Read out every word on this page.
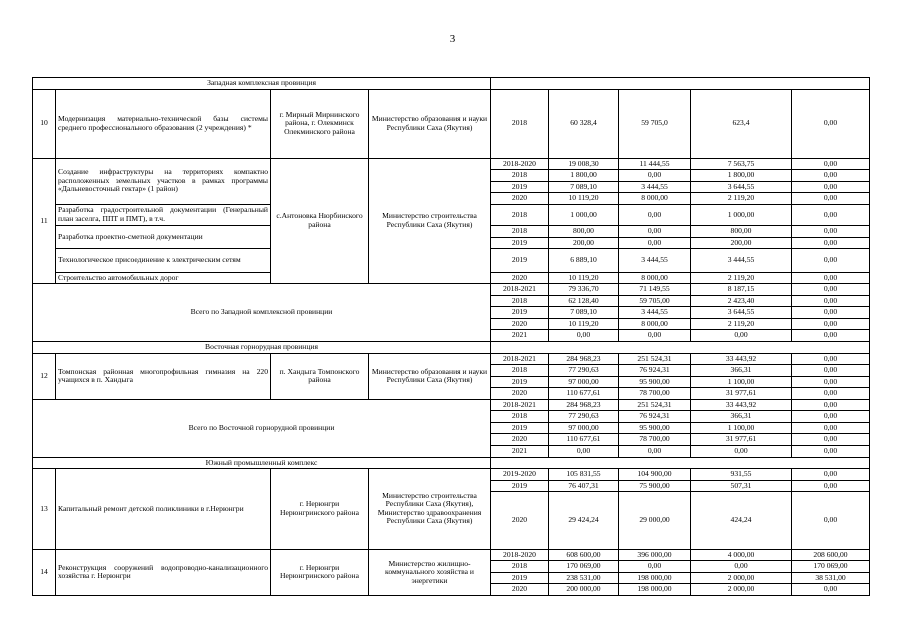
3
Западная комплексная провинция								
10	Модернизация материально-технической базы системы среднего профессионального образования (2 учреждения) *	г. Мирный Мирнинского района, г. Олекминск Олекминского района	Министерство образования и науки Республики Саха (Якутия)	2018	60 328,4	59 705,0	623,4	0,00
11	Создание инфраструктуры на территориях компактно расположенных земельных участков в рамках программы «Дальневосточный гектар» (1 район)	с.Антоновка Нюрбинского района	Министерство строительства Республики Саха (Якутия)	2018-2020	19 008,30	11 444,55	7 563,75	0,00
				2018	1 800,00	0,00	1 800,00	0,00
				2019	7 089,10	3 444,55	3 644,55	0,00
				2020	10 119,20	8 000,00	2 119,20	0,00
	Разработка градостроительной документации (Генеральный план заселга, ППТ и ПМТ), в т.ч.			2018	1 000,00	0,00	1 000,00	0,00
	Разработка проектно-сметной документации			2018	800,00	0,00	800,00	0,00
				2019	200,00	0,00	200,00	0,00
	Технологическое присоединение к электрическим сетям			2019	6 889,10	3 444,55	3 444,55	0,00
	Строительство автомобильных дорог			2020	10 119,20	8 000,00	2 119,20	0,00
Всего по Западной комплексной провинции				2018-2021	79 336,70	71 149,55	8 187,15	0,00
				2018	62 128,40	59 705,00	2 423,40	0,00
				2019	7 089,10	3 444,55	3 644,55	0,00
				2020	10 119,20	8 000,00	2 119,20	0,00
				2021	0,00	0,00	0,00	0,00
Восточная горнорудная провинция								
12	Томпонская районная многопрофильная гимназия на 220 учащихся в п. Хандыга	п. Хандыга Томпонского района	Министерство образования и науки Республики Саха (Якутия)	2018-2021	284 968,23	251 524,31	33 443,92	0,00
				2018	77 290,63	76 924,31	366,31	0,00
				2019	97 000,00	95 900,00	1 100,00	0,00
				2020	110 677,61	78 700,00	31 977,61	0,00
Всего по Восточной горнорудной провинции				2018-2021	284 968,23	251 524,31	33 443,92	0,00
				2018	77 290,63	76 924,31	366,31	0,00
				2019	97 000,00	95 900,00	1 100,00	0,00
				2020	110 677,61	78 700,00	31 977,61	0,00
				2021	0,00	0,00	0,00	0,00
Южный промышленный комплекс								
13	Капитальный ремонт детской поликлиники в г.Нерюнгри	г. Нерюнгри Нерюнгринского района	Министерство строительства Республики Саха (Якутия), Министерство здравоохранения Республики Саха (Якутия)	2019-2020	105 831,55	104 900,00	931,55	0,00
				2019	76 407,31	75 900,00	507,31	0,00
				2020	29 424,24	29 000,00	424,24	0,00
14	Реконструкция сооружений водопроводно-канализационного хозяйства г. Нерюнгри	г. Нерюнгри Нерюнгринского района	Министерство жилищно-коммунального хозяйства и энергетики	2018-2020	608 600,00	396 000,00	4 000,00	208 600,00
				2018	170 069,00	0,00	0,00	170 069,00
				2019	238 531,00	198 000,00	2 000,00	38 531,00
				2020	200 000,00	198 000,00	2 000,00	0,00
